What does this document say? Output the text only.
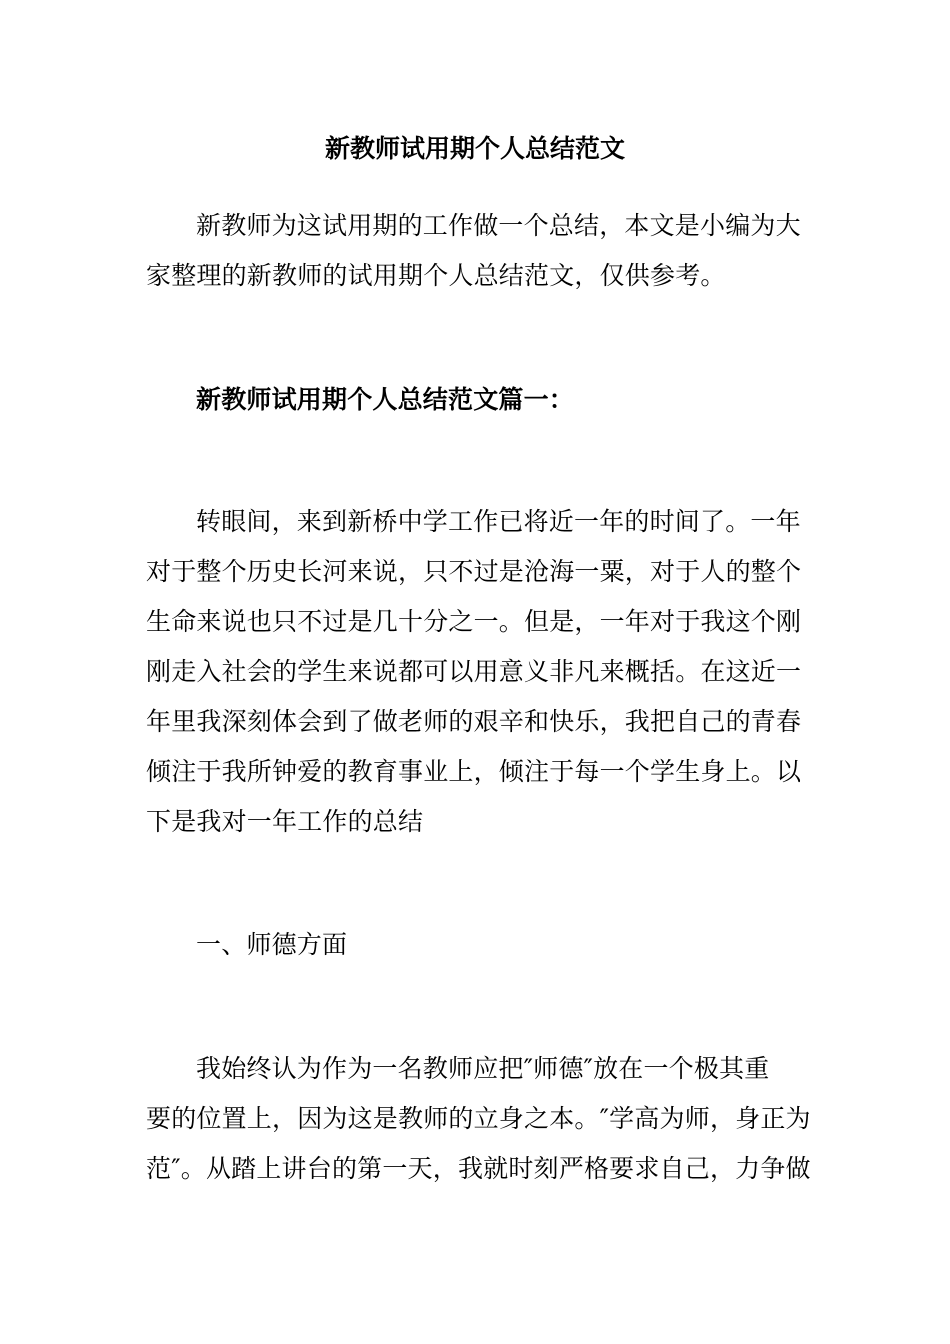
新教师试用期个人总结范文
新教师为这试用期的工作做一个总结，本文是小编为大
家整理的新教师的试用期个人总结范文，仅供参考。
新教师试用期个人总结范文篇一：
转眼间，来到新桥中学工作已将近一年的时间了。一年
对于整个历史长河来说，只不过是沧海一粟，对于人的整个
生命来说也只不过是几十分之一。但是，一年对于我这个刚
刚走入社会的学生来说都可以用意义非凡来概括。在这近一
年里我深刻体会到了做老师的艰辛和快乐，我把自己的青春
倾注于我所钟爱的教育事业上，倾注于每一个学生身上。以
下是我对一年工作的总结
一、师德方面
我始终认为作为一名教师应把″师德″放在一个极其重
要的位置上，因为这是教师的立身之本。″学高为师，身正为
范″。从踏上讲台的第一天，我就时刻严格要求自己，力争做
